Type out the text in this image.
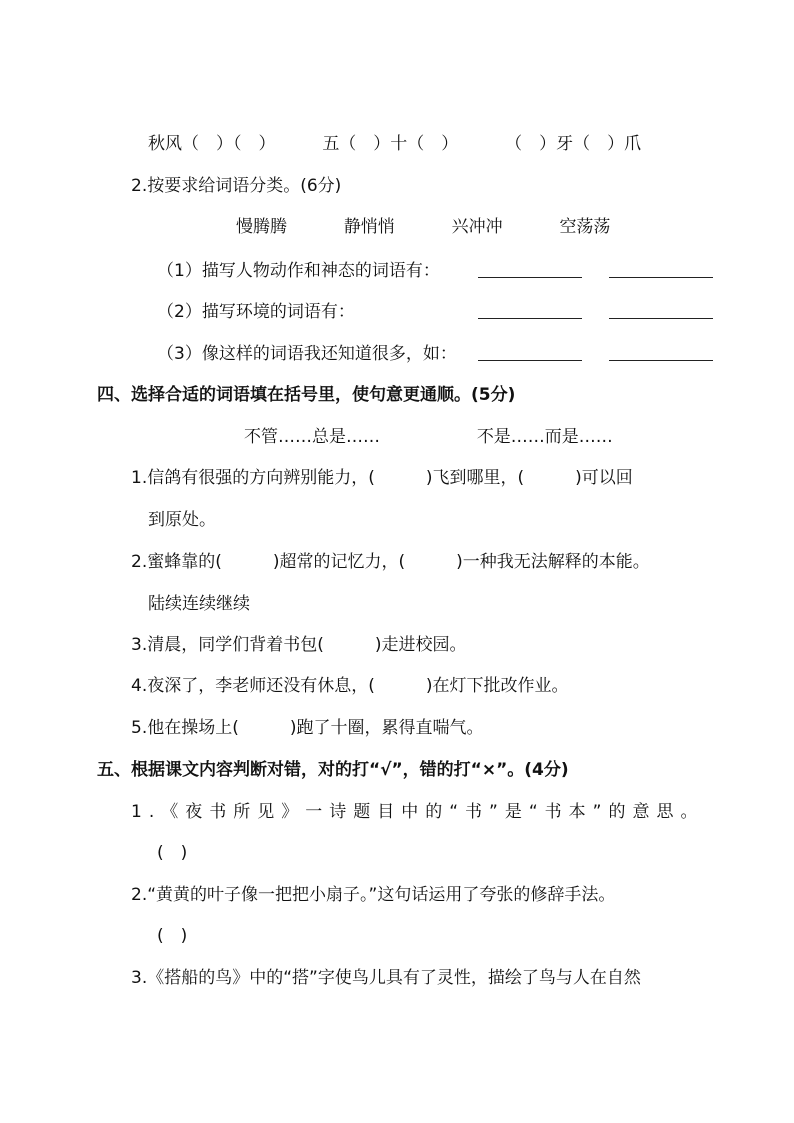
秋风（　）（　）	五（　）十（　）	（　）牙（　）爪
2.按要求给词语分类。(6分)
慢腾腾	静悄悄	兴冲冲	空荡荡
（1）描写人物动作和神态的词语有：
（2）描写环境的词语有：
（3）像这样的词语我还知道很多，如：
四、选择合适的词语填在括号里，使句意更通顺。(5分)
不管……总是……	不是……而是……
1.信鸽有很强的方向辨别能力，(　　　)飞到哪里，(　　　)可以回
到原处。
2.蜜蜂靠的(　　　)超常的记忆力，(　　　)一种我无法解释的本能。
陆续连续继续
3.清晨，同学们背着书包(　　　)走进校园。
4.夜深了，李老师还没有休息，(　　　)在灯下批改作业。
5.他在操场上(　　　)跑了十圈，累得直喘气。
五、根据课文内容判断对错，对的打“√”，错的打“×”。(4分)
1.《夜书所见》一诗题目中的“书”是“书本”的意思。
(　)
2.“黄黄的叶子像一把把小扇子。”这句话运用了夸张的修辞手法。
(　)
3.《搭船的鸟》中的“搭”字使鸟儿具有了灵性，描绘了鸟与人在自然
